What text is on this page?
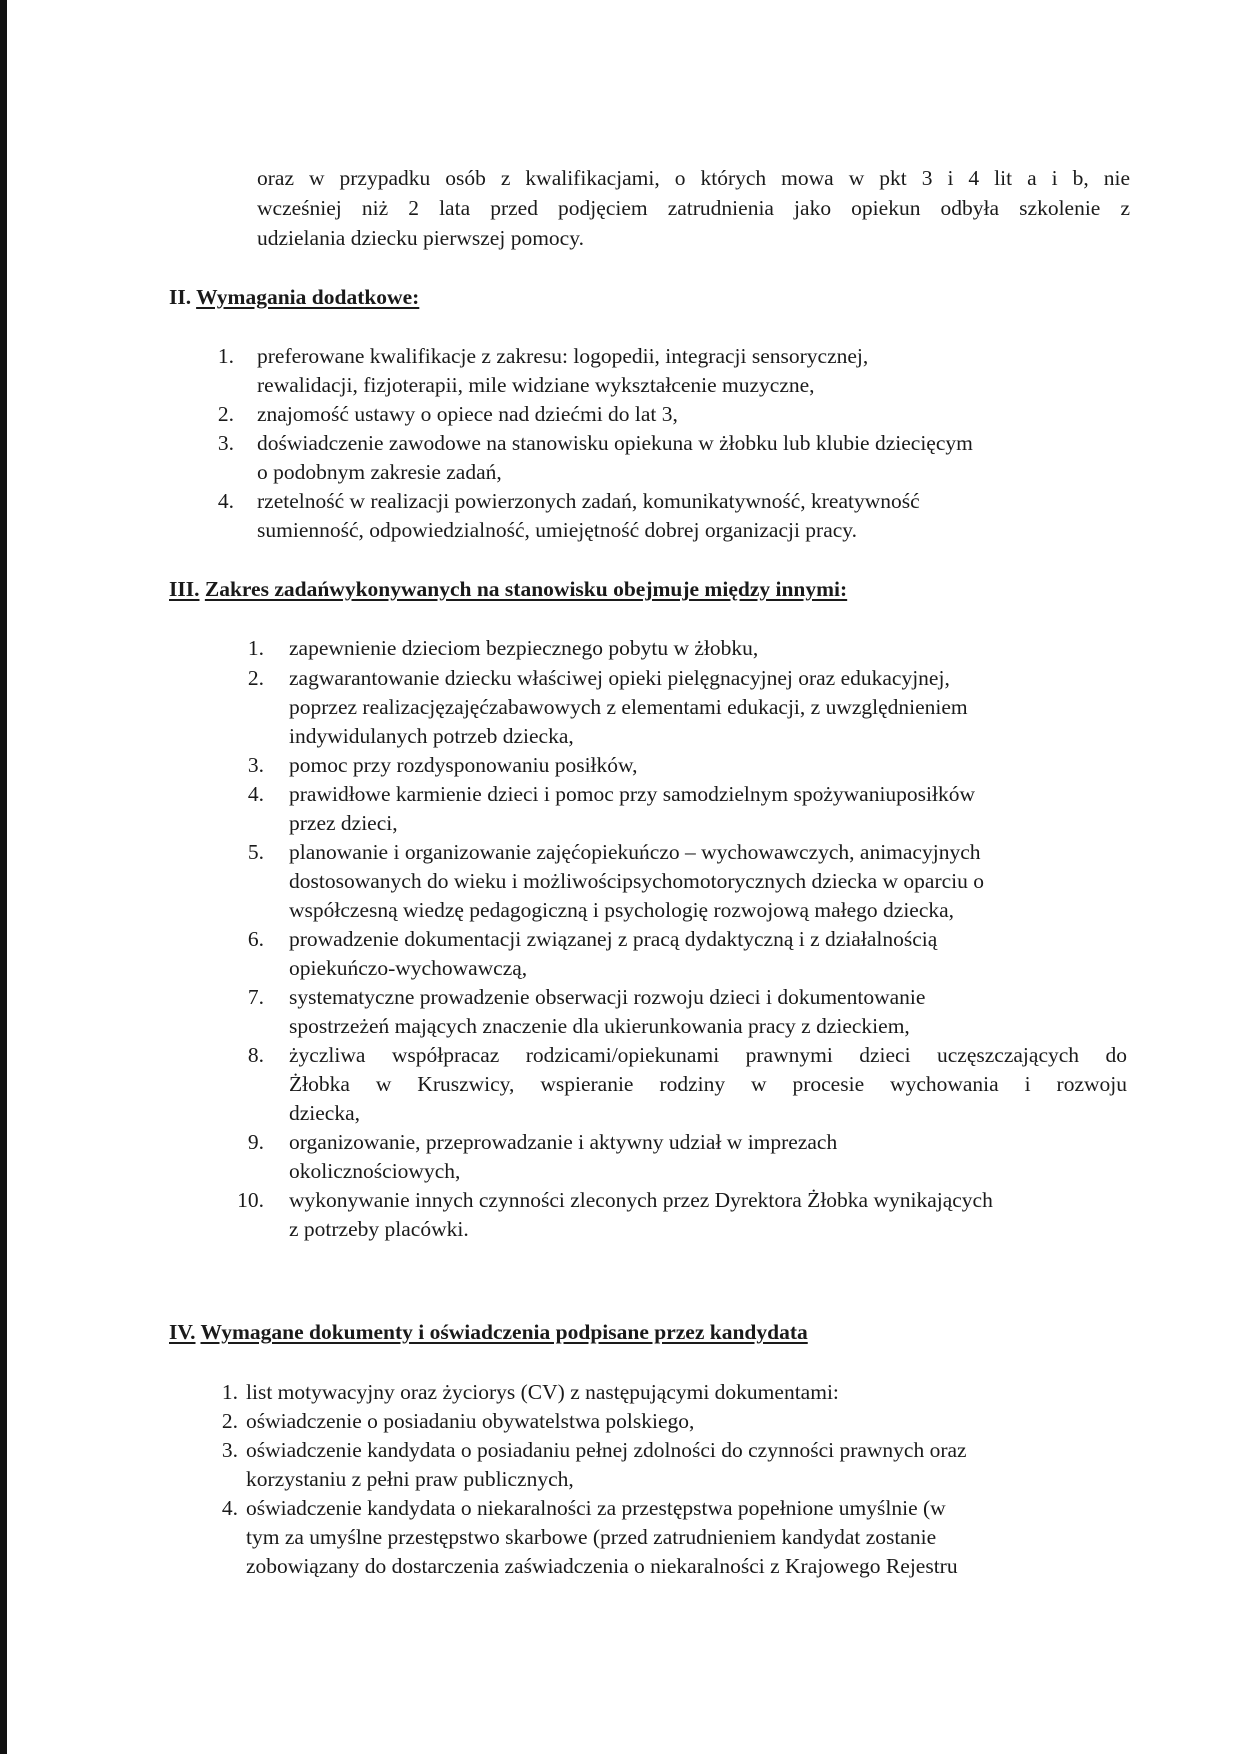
oraz w przypadku osób z kwalifikacjami, o których mowa w pkt 3 i 4 lit a i b, nie
wcześniej niż 2 lata przed podjęciem zatrudnienia jako opiekun odbyła szkolenie z
udzielania dziecku pierwszej pomocy.
II. Wymagania dodatkowe:
1. preferowane kwalifikacje z zakresu: logopedii, integracji sensorycznej,
rewalidacji, fizjoterapii, mile widziane wykształcenie muzyczne,
2. znajomość ustawy o opiece nad dziećmi do lat 3,
3. doświadczenie zawodowe na stanowisku opiekuna w żłobku lub klubie dziecięcym
o podobnym zakresie zadań,
4. rzetelność w realizacji powierzonych zadań, komunikatywność, kreatywność
sumienność, odpowiedzialność, umiejętność dobrej organizacji pracy.
III. Zakres zadańwykonywanych na stanowisku obejmuje między innymi:
1. zapewnienie dzieciom bezpiecznego pobytu w żłobku,
2. zagwarantowanie dziecku właściwej opieki pielęgnacyjnej oraz edukacyjnej,
poprzez realizacjęzajęćzabawowych z elementami edukacji, z uwzględnieniem
indywidulanych potrzeb dziecka,
3. pomoc przy rozdysponowaniu posiłków,
4. prawidłowe karmienie dzieci i pomoc przy samodzielnym spożywaniuposiłków
przez dzieci,
5. planowanie i organizowanie zajęćopiekuńczo – wychowawczych, animacyjnych
dostosowanych do wieku i możliwościpsychomotorycznych dziecka w oparciu o
współczesną wiedzę pedagogiczną i psychologię rozwojową małego dziecka,
6. prowadzenie dokumentacji związanej z pracą dydaktyczną i z działalnością
opiekuńczo-wychowawczą,
7. systematyczne prowadzenie obserwacji rozwoju dzieci i dokumentowanie
spostrzeżeń mających znaczenie dla ukierunkowania pracy z dzieckiem,
8. życzliwa współpracaz rodzicami/opiekunami prawnymi dzieci uczęszczających do
Żłobka w Kruszwicy, wspieranie rodziny w procesie wychowania i rozwoju
dziecka,
9. organizowanie, przeprowadzanie i aktywny udział w imprezach
okolicznościowych,
10. wykonywanie innych czynności zleconych przez Dyrektora Żłobka wynikających
z potrzeby placówki.
IV. Wymagane dokumenty i oświadczenia podpisane przez kandydata
1. list motywacyjny oraz życiorys (CV) z następującymi dokumentami:
2. oświadczenie o posiadaniu obywatelstwa polskiego,
3. oświadczenie kandydata o posiadaniu pełnej zdolności do czynności prawnych oraz
korzystaniu z pełni praw publicznych,
4. oświadczenie kandydata o niekaralności za przestępstwa popełnione umyślnie (w
tym za umyślne przestępstwo skarbowe (przed zatrudnieniem kandydat zostanie
zobowiązany do dostarczenia zaświadczenia o niekaralności z Krajowego Rejestru
